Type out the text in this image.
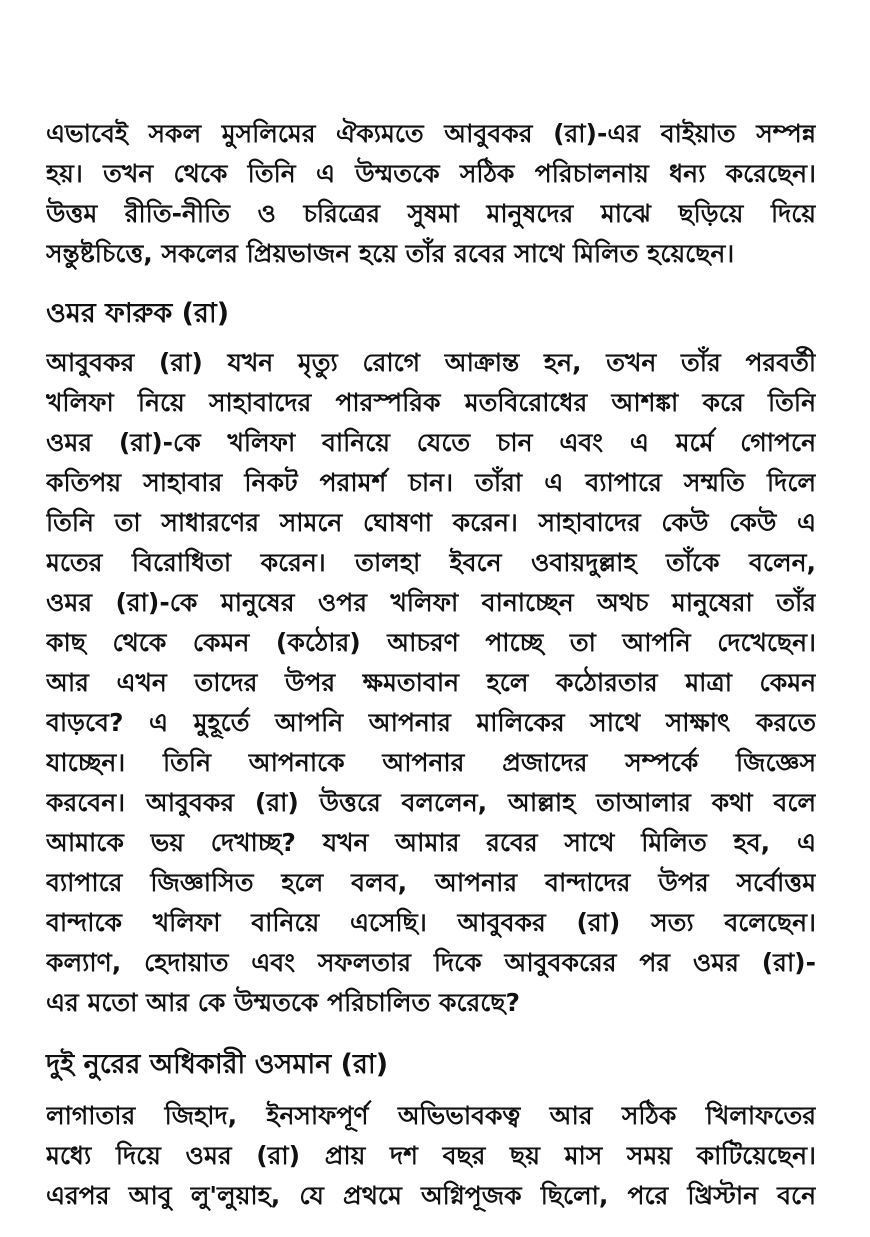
এভাবেই সকল মুসলিমের ঐক্যমতে আবুবকর (রা)-এর বাইয়াত সম্পন্ন
হয়। তখন থেকে তিনি এ উম্মতকে সঠিক পরিচালনায় ধন্য করেছেন।
উত্তম রীতি-নীতি ও চরিত্রের সুষমা মানুষদের মাঝে ছড়িয়ে দিয়ে
সন্তুষ্টচিত্তে, সকলের প্রিয়ভাজন হয়ে তাঁর রবের সাথে মিলিত হয়েছেন।
ওমর ফারুক (রা)
আবুবকর (রা) যখন মৃত্যু রোগে আক্রান্ত হন, তখন তাঁর পরবর্তী
খলিফা নিয়ে সাহাবাদের পারস্পরিক মতবিরোধের আশঙ্কা করে তিনি
ওমর (রা)-কে খলিফা বানিয়ে যেতে চান এবং এ মর্মে গোপনে
কতিপয় সাহাবার নিকট পরামর্শ চান। তাঁরা এ ব্যাপারে সম্মতি দিলে
তিনি তা সাধারণের সামনে ঘোষণা করেন। সাহাবাদের কেউ কেউ এ
মতের বিরোধিতা করেন। তালহা ইবনে ওবায়দুল্লাহ তাঁকে বলেন,
ওমর (রা)-কে মানুষের ওপর খলিফা বানাচ্ছেন অথচ মানুষেরা তাঁর
কাছ থেকে কেমন (কঠোর) আচরণ পাচ্ছে তা আপনি দেখেছেন।
আর এখন তাদের উপর ক্ষমতাবান হলে কঠোরতার মাত্রা কেমন
বাড়বে? এ মুহূর্তে আপনি আপনার মালিকের সাথে সাক্ষাৎ করতে
যাচ্ছেন। তিনি আপনাকে আপনার প্রজাদের সম্পর্কে জিজ্ঞেস
করবেন। আবুবকর (রা) উত্তরে বললেন, আল্লাহ তাআলার কথা বলে
আমাকে ভয় দেখাচ্ছ? যখন আমার রবের সাথে মিলিত হব, এ
ব্যাপারে জিজ্ঞাসিত হলে বলব, আপনার বান্দাদের উপর সর্বোত্তম
বান্দাকে খলিফা বানিয়ে এসেছি। আবুবকর (রা) সত্য বলেছেন।
কল্যাণ, হেদায়াত এবং সফলতার দিকে আবুবকরের পর ওমর (রা)-
এর মতো আর কে উম্মতকে পরিচালিত করেছে?
দুই নুরের অধিকারী ওসমান (রা)
লাগাতার জিহাদ, ইনসাফপূর্ণ অভিভাবকত্ব আর সঠিক খিলাফতের
মধ্যে দিয়ে ওমর (রা) প্রায় দশ বছর ছয় মাস সময় কাটিয়েছেন।
এরপর আবু লু'লুয়াহ, যে প্রথমে অগ্নিপূজক ছিলো, পরে খ্রিস্টান বনে
